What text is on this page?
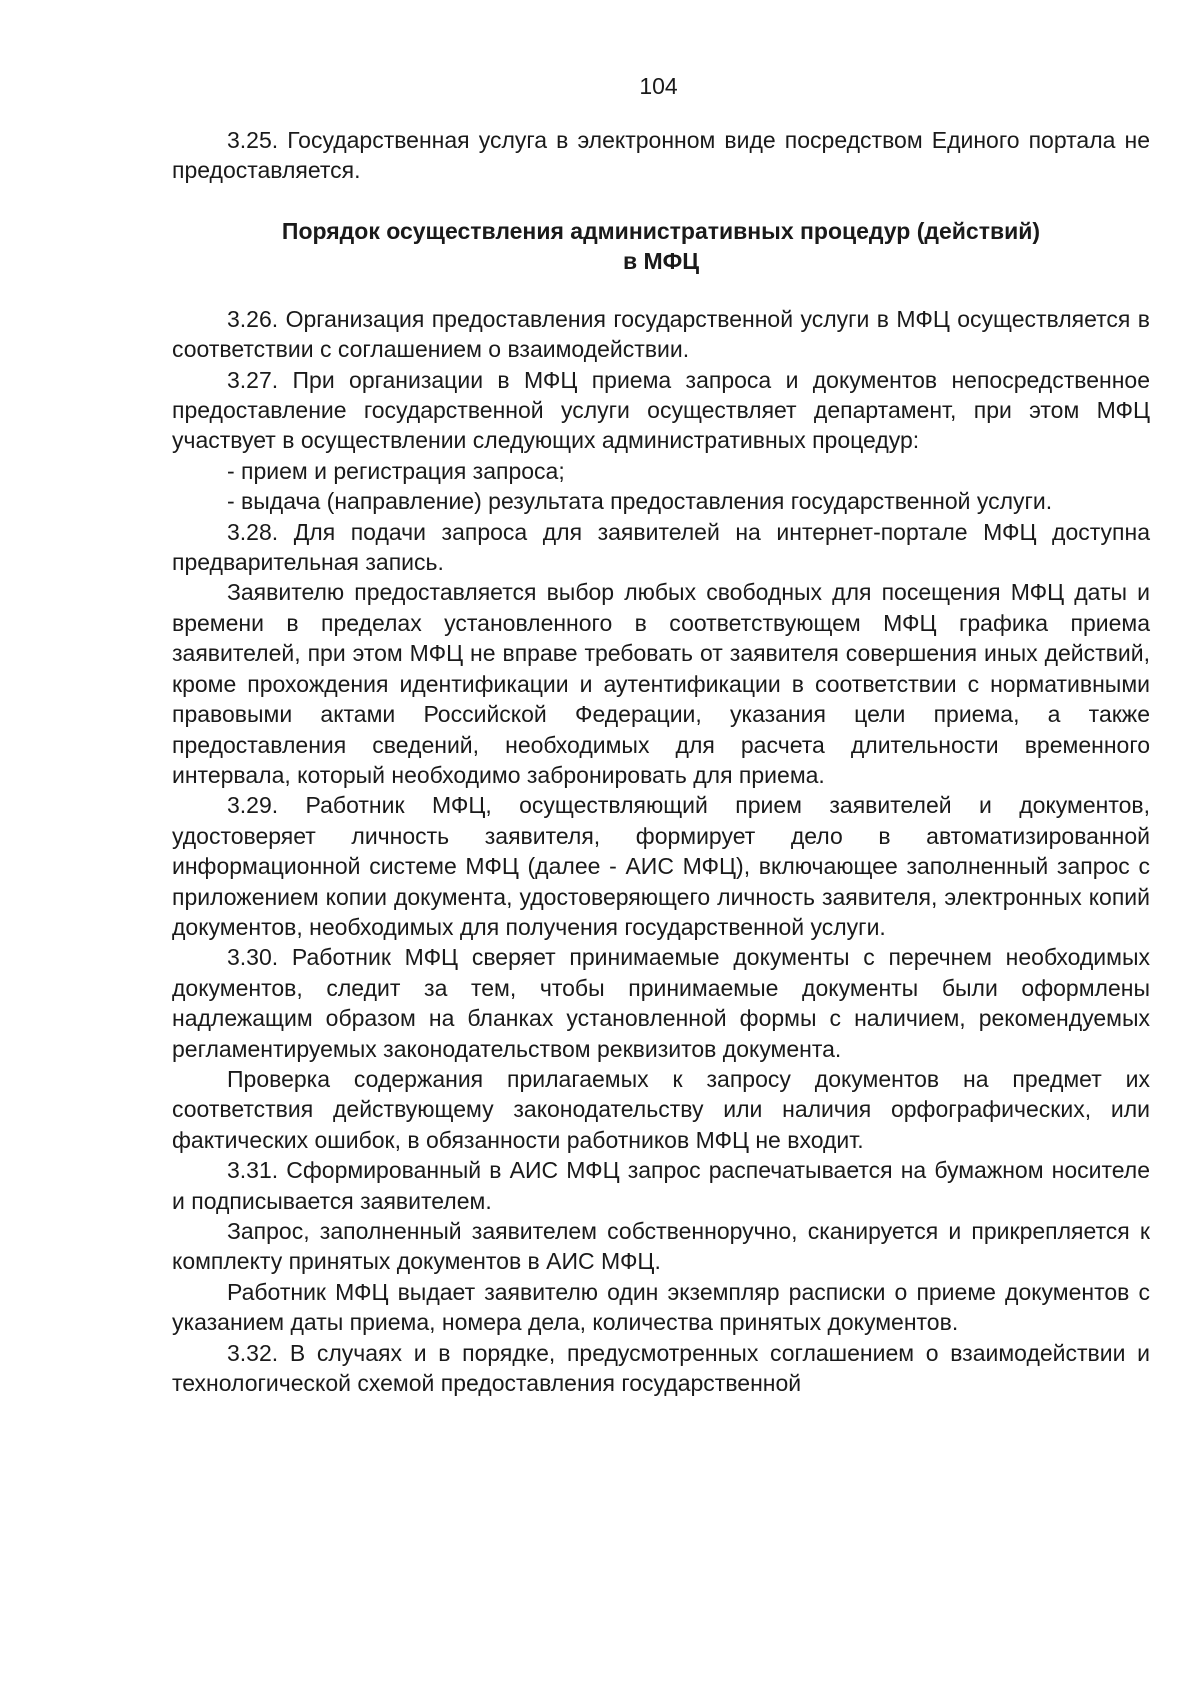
104

3.25. Государственная услуга в электронном виде посредством Единого портала не предоставляется.

Порядок осуществления административных процедур (действий)
в МФЦ

3.26. Организация предоставления государственной услуги в МФЦ осуществляется в соответствии с соглашением о взаимодействии.

3.27. При организации в МФЦ приема запроса и документов непосредственное предоставление государственной услуги осуществляет департамент, при этом МФЦ участвует в осуществлении следующих административных процедур:

- прием и регистрация запроса;

- выдача (направление) результата предоставления государственной услуги.

3.28. Для подачи запроса для заявителей на интернет-портале МФЦ доступна предварительная запись.

Заявителю предоставляется выбор любых свободных для посещения МФЦ даты и времени в пределах установленного в соответствующем МФЦ графика приема заявителей, при этом МФЦ не вправе требовать от заявителя совершения иных действий, кроме прохождения идентификации и аутентификации в соответствии с нормативными правовыми актами Российской Федерации, указания цели приема, а также предоставления сведений, необходимых для расчета длительности временного интервала, который необходимо забронировать для приема.

3.29. Работник МФЦ, осуществляющий прием заявителей и документов, удостоверяет личность заявителя, формирует дело в автоматизированной информационной системе МФЦ (далее - АИС МФЦ), включающее заполненный запрос с приложением копии документа, удостоверяющего личность заявителя, электронных копий документов, необходимых для получения государственной услуги.

3.30. Работник МФЦ сверяет принимаемые документы с перечнем необходимых документов, следит за тем, чтобы принимаемые документы были оформлены надлежащим образом на бланках установленной формы с наличием, рекомендуемых регламентируемых законодательством реквизитов документа.

Проверка содержания прилагаемых к запросу документов на предмет их соответствия действующему законодательству или наличия орфографических, или фактических ошибок, в обязанности работников МФЦ не входит.

3.31. Сформированный в АИС МФЦ запрос распечатывается на бумажном носителе и подписывается заявителем.

Запрос, заполненный заявителем собственноручно, сканируется и прикрепляется к комплекту принятых документов в АИС МФЦ.

Работник МФЦ выдает заявителю один экземпляр расписки о приеме документов с указанием даты приема, номера дела, количества принятых документов.

3.32. В случаях и в порядке, предусмотренных соглашением о взаимодействии и технологической схемой предоставления государственной
